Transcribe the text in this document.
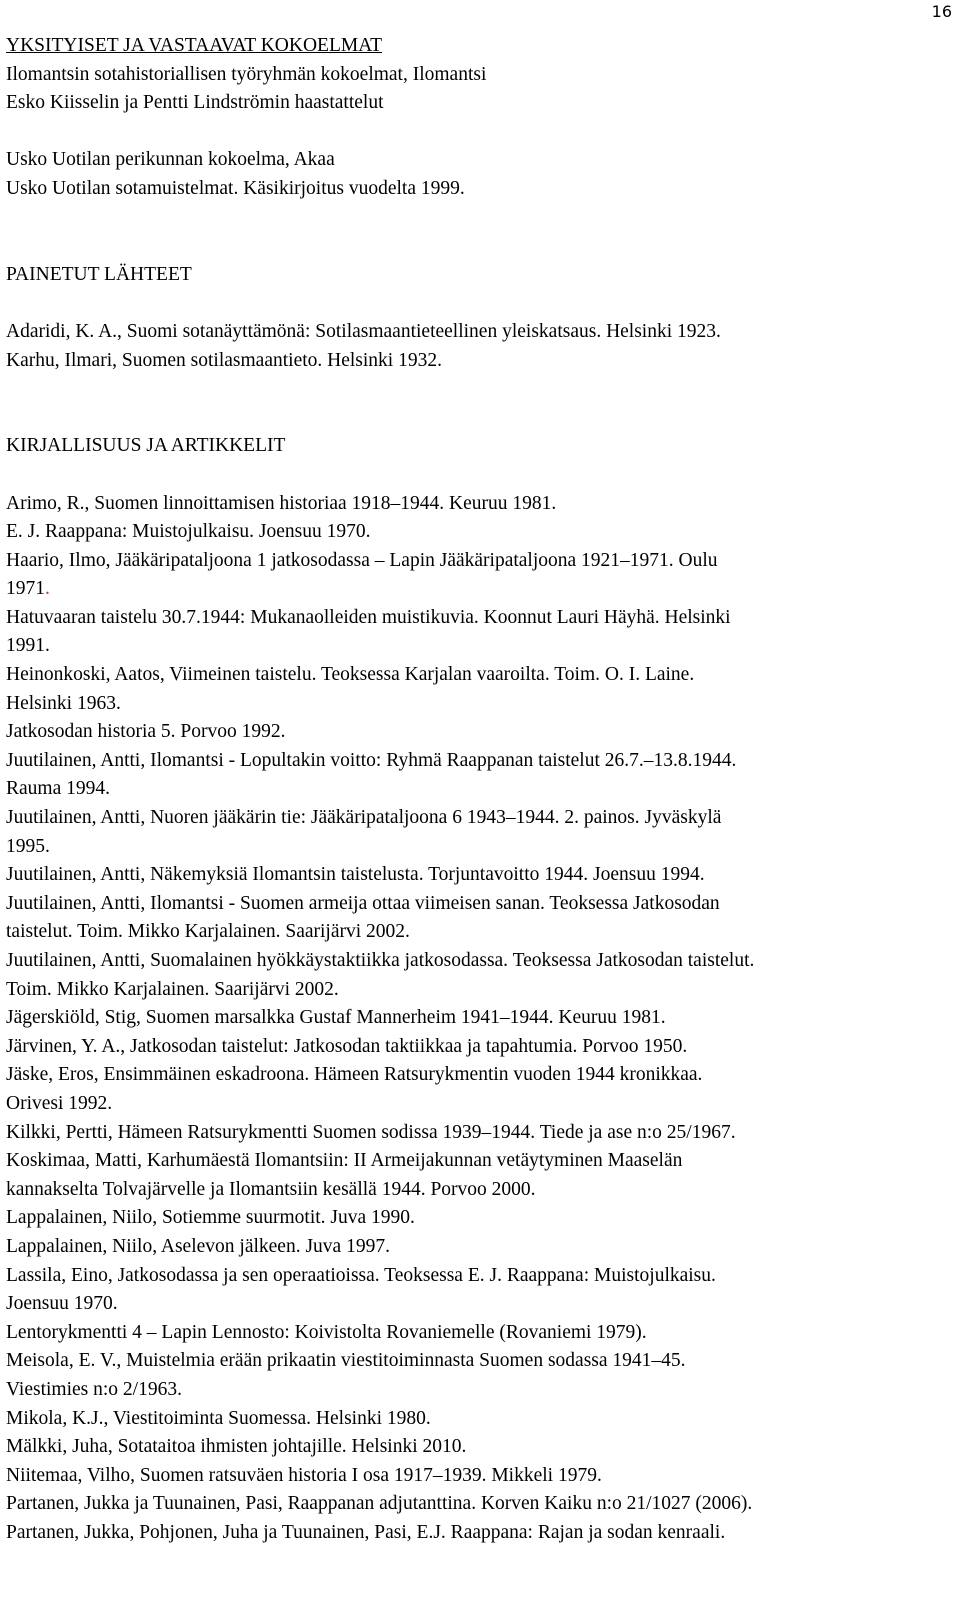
16
YKSITYISET JA VASTAAVAT KOKOELMAT
Ilomantsin sotahistoriallisen työryhmän kokoelmat, Ilomantsi
Esko Kiisselin ja Pentti Lindströmin haastattelut
Usko Uotilan perikunnan kokoelma, Akaa
Usko Uotilan sotamuistelmat. Käsikirjoitus vuodelta 1999.
PAINETUT LÄHTEET
Adaridi, K. A., Suomi sotanäyttämönä: Sotilasmaantieteellinen yleiskatsaus. Helsinki 1923.
Karhu, Ilmari, Suomen sotilasmaantieto. Helsinki 1932.
KIRJALLISUUS JA ARTIKKELIT
Arimo, R., Suomen linnoittamisen historiaa 1918–1944. Keuruu 1981.
E. J. Raappana: Muistojulkaisu. Joensuu 1970.
Haario, Ilmo, Jääkäripataljoona 1 jatkosodassa – Lapin Jääkäripataljoona 1921–1971. Oulu
1971.
Hatuvaaran taistelu 30.7.1944: Mukanaolleiden muistikuvia. Koonnut Lauri Häyhä. Helsinki
1991.
Heinonkoski, Aatos, Viimeinen taistelu. Teoksessa Karjalan vaaroilta. Toim. O. I. Laine.
Helsinki 1963.
Jatkosodan historia 5. Porvoo 1992.
Juutilainen, Antti, Ilomantsi - Lopultakin voitto: Ryhmä Raappanan taistelut 26.7.–13.8.1944.
Rauma 1994.
Juutilainen, Antti, Nuoren jääkärin tie: Jääkäripataljoona 6 1943–1944. 2. painos. Jyväskylä
1995.
Juutilainen, Antti, Näkemyksiä Ilomantsin taistelusta. Torjuntavoitto 1944. Joensuu 1994.
Juutilainen, Antti, Ilomantsi - Suomen armeija ottaa viimeisen sanan. Teoksessa Jatkosodan
taistelut. Toim. Mikko Karjalainen. Saarijärvi 2002.
Juutilainen, Antti, Suomalainen hyökkäystaktiikka jatkosodassa. Teoksessa Jatkosodan taistelut.
Toim. Mikko Karjalainen. Saarijärvi 2002.
Jägerskiöld, Stig, Suomen marsalkka Gustaf Mannerheim 1941–1944. Keuruu 1981.
Järvinen, Y. A., Jatkosodan taistelut: Jatkosodan taktiikkaa ja tapahtumia. Porvoo 1950.
Jäske, Eros, Ensimmäinen eskadroona. Hämeen Ratsurykmentin vuoden 1944 kronikkaa.
Orivesi 1992.
Kilkki, Pertti, Hämeen Ratsurykmentti Suomen sodissa 1939–1944. Tiede ja ase n:o 25/1967.
Koskimaa, Matti, Karhumäestä Ilomantsiin: II Armeijakunnan vetäytyminen Maaselän
kannakselta Tolvajärvelle ja Ilomantsiin kesällä 1944. Porvoo 2000.
Lappalainen, Niilo, Sotiemme suurmotit. Juva 1990.
Lappalainen, Niilo, Aselevon jälkeen. Juva 1997.
Lassila, Eino, Jatkosodassa ja sen operaatioissa. Teoksessa E. J. Raappana: Muistojulkaisu.
Joensuu 1970.
Lentorykmentti 4 – Lapin Lennosto: Koivistolta Rovaniemelle (Rovaniemi 1979).
Meisola, E. V., Muistelmia erään prikaatin viestitoiminnasta Suomen sodassa 1941–45.
Viestimies n:o 2/1963.
Mikola, K.J., Viestitoiminta Suomessa. Helsinki 1980.
Mälkki, Juha, Sotataitoa ihmisten johtajille. Helsinki 2010.
Niitemaa, Vilho, Suomen ratsuväen historia I osa 1917–1939. Mikkeli 1979.
Partanen, Jukka ja Tuunainen, Pasi, Raappanan adjutanttina. Korven Kaiku n:o 21/1027 (2006).
Partanen, Jukka, Pohjonen, Juha ja Tuunainen, Pasi, E.J. Raappana: Rajan ja sodan kenraali.
